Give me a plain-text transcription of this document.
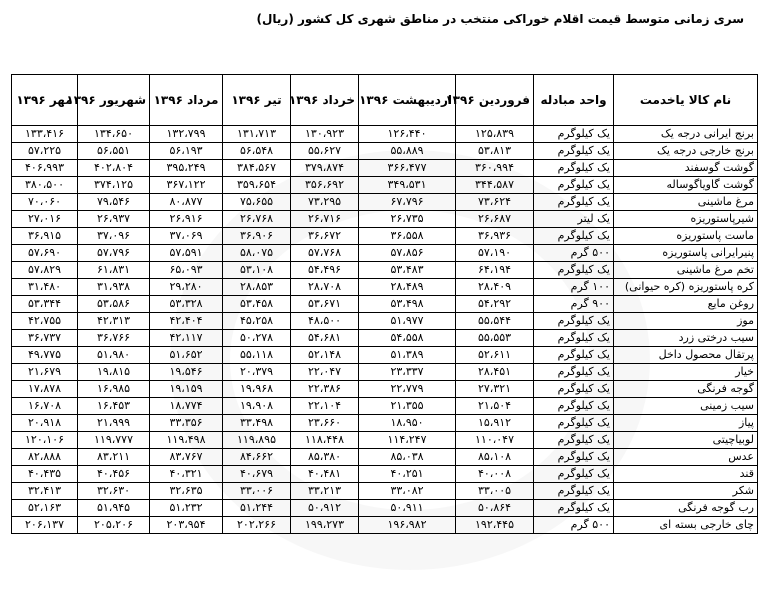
سری زمانی متوسط قیمت اقلام خوراکی منتخب در مناطق شهری کل کشور (ریال)
نام کالا یاخدمت	واحد مبادله	فروردین ۱۳۹۶	اردیبهشت ۱۳۹۶	خرداد ۱۳۹۶	تیر ۱۳۹۶	مرداد ۱۳۹۶	شهریور ۱۳۹۶	مهر ۱۳۹۶
برنج ایرانی درجه یک	یک کیلوگرم	۱۲۵،۸۳۹	۱۲۶،۴۴۰	۱۳۰،۹۲۳	۱۳۱،۷۱۳	۱۳۲،۷۹۹	۱۳۴،۶۵۰	۱۳۳،۴۱۶
برنج خارجی درجه یک	یک کیلوگرم	۵۳،۸۱۳	۵۵،۸۸۹	۵۵،۶۲۷	۵۶،۵۴۸	۵۶،۱۹۳	۵۶،۵۵۱	۵۷،۲۲۵
گوشت گوسفند	یک کیلوگرم	۳۶۰،۹۹۴	۳۶۶،۴۷۷	۳۷۹،۸۷۴	۳۸۴،۵۶۷	۳۹۵،۲۴۹	۴۰۲،۸۰۴	۴۰۶،۹۹۳
گوشت گاویاگوساله	یک کیلوگرم	۳۴۴،۵۸۷	۳۴۹،۵۳۱	۳۵۶،۶۹۲	۳۵۹،۶۵۴	۳۶۷،۱۲۲	۳۷۴،۱۲۵	۳۸۰،۵۰۰
مرغ ماشینی	یک کیلوگرم	۷۳،۶۲۴	۶۷،۷۹۶	۷۳،۲۹۵	۷۵،۶۵۵	۸۰،۸۷۷	۷۹،۵۴۶	۷۰،۰۶۰
شیرپاستوریزه	یک لیتر	۲۶،۶۸۷	۲۶،۷۳۵	۲۶،۷۱۶	۲۶،۷۶۸	۲۶،۹۱۶	۲۶،۹۳۷	۲۷،۰۱۶
ماست پاستوریزه	یک کیلوگرم	۳۶،۹۳۶	۳۶،۵۵۸	۳۶،۶۷۲	۳۶،۹۰۶	۳۷،۰۶۹	۳۷،۰۹۶	۳۶،۹۱۵
پنیرایرانی پاستوریزه	۵۰۰ گرم	۵۷،۱۹۰	۵۷،۸۵۶	۵۷،۷۶۸	۵۸،۰۷۵	۵۷،۵۹۱	۵۷،۷۹۶	۵۷،۶۹۰
تخم مرغ ماشینی	یک کیلوگرم	۶۴،۱۹۴	۵۳،۴۸۳	۵۴،۴۹۶	۵۳،۱۰۸	۶۵،۰۹۳	۶۱،۸۳۱	۵۷،۸۲۹
کره پاستوریزه (کره حیوانی)	۱۰۰ گرم	۲۸،۴۰۹	۲۸،۴۸۹	۲۸،۷۰۸	۲۸،۸۵۳	۲۹،۲۸۰	۳۱،۹۳۸	۳۱،۴۸۰
روغن مایع	۹۰۰ گرم	۵۴،۲۹۲	۵۳،۴۹۸	۵۳،۶۷۱	۵۳،۴۵۸	۵۳،۳۲۸	۵۳،۵۸۶	۵۳،۳۴۴
موز	یک کیلوگرم	۵۵،۵۴۴	۵۱،۹۷۷	۴۸،۵۰۰	۴۵،۲۵۸	۴۲،۴۰۴	۴۲،۳۱۳	۴۲،۷۵۵
سیب درختی زرد	یک کیلوگرم	۵۵،۵۵۳	۵۴،۵۵۸	۵۴،۶۸۱	۵۰،۲۷۸	۴۲،۱۱۷	۳۶،۷۶۶	۳۶،۷۳۷
پرتقال محصول داخل	یک کیلوگرم	۵۲،۶۱۱	۵۱،۳۸۹	۵۲،۱۴۸	۵۵،۱۱۸	۵۱،۶۵۲	۵۱،۹۸۰	۴۹،۷۷۵
خیار	یک کیلوگرم	۲۸،۴۵۱	۲۳،۳۳۷	۲۲،۰۴۷	۲۰،۳۷۹	۱۹،۵۴۶	۱۹،۸۱۵	۲۱،۶۷۹
گوجه فرنگی	یک کیلوگرم	۲۷،۳۲۱	۲۲،۷۷۹	۲۲،۳۸۶	۱۹،۹۶۸	۱۹،۱۵۹	۱۶،۹۸۵	۱۷،۸۷۸
سیب زمینی	یک کیلوگرم	۲۱،۵۰۴	۲۱،۳۵۵	۲۲،۱۰۴	۱۹،۹۰۸	۱۸،۷۷۴	۱۶،۴۵۳	۱۶،۷۰۸
پیاز	یک کیلوگرم	۱۵،۹۱۲	۱۸،۹۵۰	۲۳،۶۶۰	۳۳،۴۹۸	۳۳،۳۵۶	۲۱،۹۹۹	۲۰،۹۱۸
لوبیاچیتی	یک کیلوگرم	۱۱۰،۰۴۷	۱۱۴،۲۴۷	۱۱۸،۴۴۸	۱۱۹،۸۹۵	۱۱۹،۴۹۸	۱۱۹،۷۷۷	۱۲۰،۱۰۶
عدس	یک کیلوگرم	۸۵،۱۰۸	۸۵،۰۳۸	۸۵،۳۸۰	۸۴،۶۶۲	۸۳،۷۶۷	۸۳،۲۱۱	۸۲،۸۸۸
قند	یک کیلوگرم	۴۰،۰۰۸	۴۰،۲۵۱	۴۰،۴۸۱	۴۰،۶۷۹	۴۰،۳۲۱	۴۰،۴۵۶	۴۰،۴۳۵
شکر	یک کیلوگرم	۳۳،۰۰۵	۳۳،۰۸۲	۳۳،۲۱۳	۳۳،۰۰۶	۳۲،۶۳۵	۳۲،۶۳۰	۳۲،۴۱۳
رب گوجه فرنگی	یک کیلوگرم	۵۰،۸۶۴	۵۰،۹۱۱	۵۰،۹۱۲	۵۱،۲۴۴	۵۱،۲۳۲	۵۱،۹۴۵	۵۲،۱۶۳
چای خارجی بسته ای	۵۰۰ گرم	۱۹۲،۴۴۵	۱۹۶،۹۸۲	۱۹۹،۲۷۳	۲۰۲،۲۶۶	۲۰۳،۹۵۴	۲۰۵،۲۰۶	۲۰۶،۱۳۷
